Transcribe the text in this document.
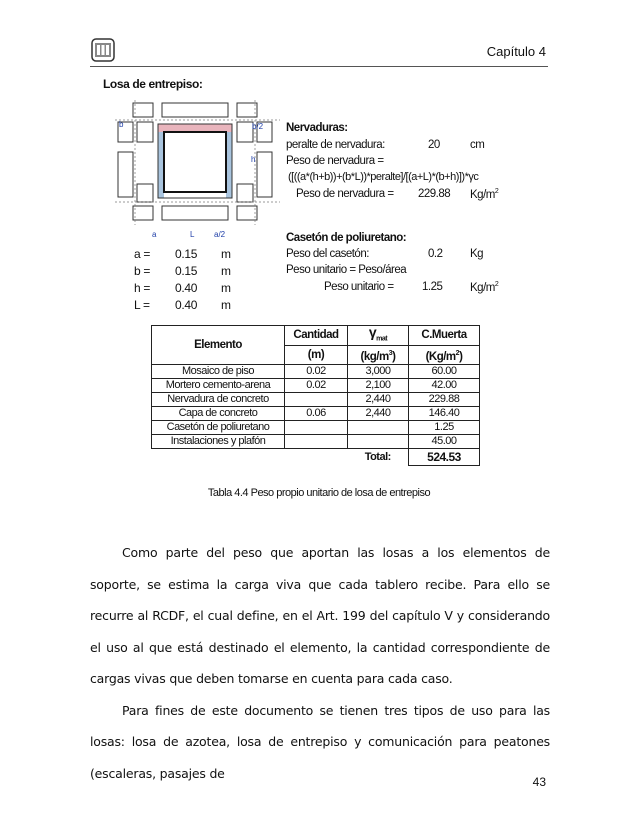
Capítulo 4
Losa de entrepiso:
b	b/2
h
a	L a/2
Nervaduras:
peralte de nervadura:	20	cm
Peso de nervadura =
([((a*(h+b))+(b*L))*peralte]/[(a+L)*(b+h)])*γc
Peso de nervadura = 229.88 $Kg/m^2$
Casetón de poliuretano:
Peso del casetón:	0.2 Kg
Peso unitario = Peso/área
Peso unitario = 1.25 $Kg/m^2$
a = 0.15 m
b = 0.15 m
h = 0.40 m
L = 0.40 m
Elemento	Cantidad	$\gamma_{mat}$	C.Muerta
	(m)	$(kg/m^3)$	$(Kg/m^2)$
Mosaico de piso	0.02	3,000	60.00
Mortero cemento-arena	0.02	2,100	42.00
Nervadura de concreto		2,440	229.88
Capa de concreto	0.06	2,440	146.40
Casetón de poliuretano			1.25
Instalaciones y plafón			45.00
		Total:	524.53
Tabla 4.4 Peso propio unitario de losa de entrepiso

Como parte del peso que aportan las losas a los elementos de soporte, se estima la carga viva que cada tablero recibe. Para ello se recurre al RCDF, el cual define, en el Art. 199 del capítulo V y considerando el uso al que está destinado el elemento, la cantidad correspondiente de cargas vivas que deben tomarse en cuenta para cada caso.

Para fines de este documento se tienen tres tipos de uso para las losas: losa de azotea, losa de entrepiso y comunicación para peatones (escaleras, pasajes de

43
